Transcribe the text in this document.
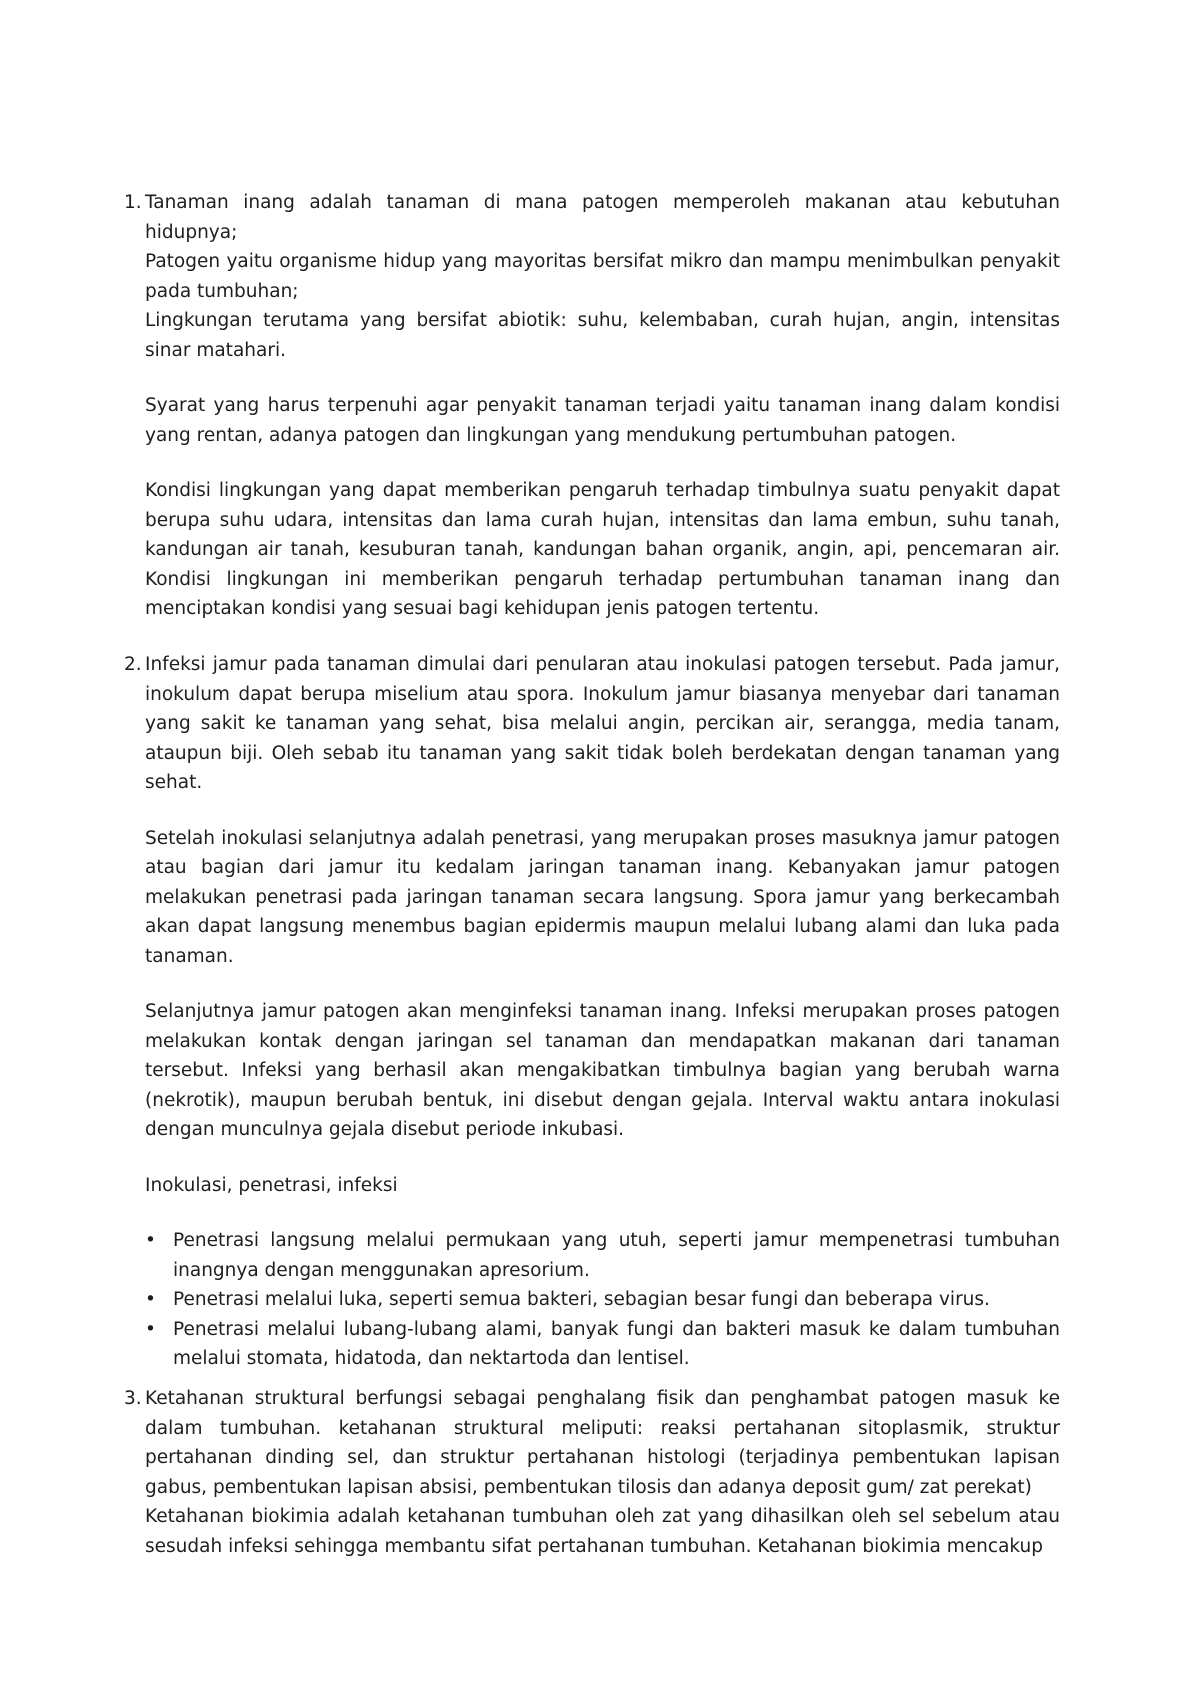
1. Tanaman inang adalah tanaman di mana patogen memperoleh makanan atau kebutuhan hidupnya;

Patogen yaitu organisme hidup yang mayoritas bersifat mikro dan mampu menimbulkan penyakit pada tumbuhan;

Lingkungan terutama yang bersifat abiotik: suhu, kelembaban, curah hujan, angin, intensitas sinar matahari.

Syarat yang harus terpenuhi agar penyakit tanaman terjadi yaitu tanaman inang dalam kondisi yang rentan, adanya patogen dan lingkungan yang mendukung pertumbuhan patogen.

Kondisi lingkungan yang dapat memberikan pengaruh terhadap timbulnya suatu penyakit dapat berupa suhu udara, intensitas dan lama curah hujan, intensitas dan lama embun, suhu tanah, kandungan air tanah, kesuburan tanah, kandungan bahan organik, angin, api, pencemaran air. Kondisi lingkungan ini memberikan pengaruh terhadap pertumbuhan tanaman inang dan menciptakan kondisi yang sesuai bagi kehidupan jenis patogen tertentu.

2. Infeksi jamur pada tanaman dimulai dari penularan atau inokulasi patogen tersebut. Pada jamur, inokulum dapat berupa miselium atau spora. Inokulum jamur biasanya menyebar dari tanaman yang sakit ke tanaman yang sehat, bisa melalui angin, percikan air, serangga, media tanam, ataupun biji. Oleh sebab itu tanaman yang sakit tidak boleh berdekatan dengan tanaman yang sehat.

Setelah inokulasi selanjutnya adalah penetrasi, yang merupakan proses masuknya jamur patogen atau bagian dari jamur itu kedalam jaringan tanaman inang. Kebanyakan jamur patogen melakukan penetrasi pada jaringan tanaman secara langsung. Spora jamur yang berkecambah akan dapat langsung menembus bagian epidermis maupun melalui lubang alami dan luka pada tanaman.

Selanjutnya jamur patogen akan menginfeksi tanaman inang. Infeksi merupakan proses patogen melakukan kontak dengan jaringan sel tanaman dan mendapatkan makanan dari tanaman tersebut. Infeksi yang berhasil akan mengakibatkan timbulnya bagian yang berubah warna (nekrotik), maupun berubah bentuk, ini disebut dengan gejala. Interval waktu antara inokulasi dengan munculnya gejala disebut periode inkubasi.

Inokulasi, penetrasi, infeksi

• Penetrasi langsung melalui permukaan yang utuh, seperti jamur mempenetrasi tumbuhan inangnya dengan menggunakan apresorium.

• Penetrasi melalui luka, seperti semua bakteri, sebagian besar fungi dan beberapa virus.

• Penetrasi melalui lubang-lubang alami, banyak fungi dan bakteri masuk ke dalam tumbuhan melalui stomata, hidatoda, dan nektartoda dan lentisel.

3. Ketahanan struktural berfungsi sebagai penghalang fisik dan penghambat patogen masuk ke dalam tumbuhan. ketahanan struktural meliputi: reaksi pertahanan sitoplasmik, struktur pertahanan dinding sel, dan struktur pertahanan histologi (terjadinya pembentukan lapisan gabus, pembentukan lapisan absisi, pembentukan tilosis dan adanya deposit gum/ zat perekat)

Ketahanan biokimia adalah ketahanan tumbuhan oleh zat yang dihasilkan oleh sel sebelum atau sesudah infeksi sehingga membantu sifat pertahanan tumbuhan. Ketahanan biokimia mencakup
